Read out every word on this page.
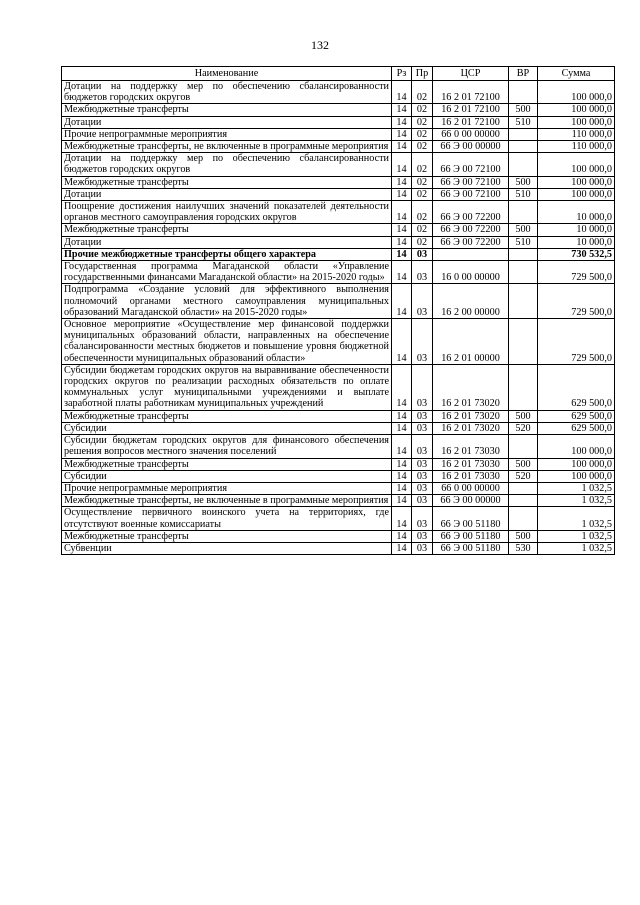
132
Наименование	Рз	Пр	ЦСР	ВР	Сумма
Дотации на поддержку мер по обеспечению сбалансированности бюджетов городских округов	14	02	16 2 01 72100		100 000,0
Межбюджетные трансферты	14	02	16 2 01 72100	500	100 000,0
Дотации	14	02	16 2 01 72100	510	100 000,0
Прочие непрограммные мероприятия	14	02	66 0 00 00000		110 000,0
Межбюджетные трансферты, не включенные в программные мероприятия	14	02	66 Э 00 00000		110 000,0
Дотации на поддержку мер по обеспечению сбалансированности бюджетов городских округов	14	02	66 Э 00 72100		100 000,0
Межбюджетные трансферты	14	02	66 Э 00 72100	500	100 000,0
Дотации	14	02	66 Э 00 72100	510	100 000,0
Поощрение достижения наилучших значений показателей деятельности органов местного самоуправления городских округов	14	02	66 Э 00 72200		10 000,0
Межбюджетные трансферты	14	02	66 Э 00 72200	500	10 000,0
Дотации	14	02	66 Э 00 72200	510	10 000,0
Прочие межбюджетные трансферты общего характера	14	03			730 532,5
Государственная программа Магаданской области «Управление государственными финансами Магаданской области» на 2015-2020 годы»	14	03	16 0 00 00000		729 500,0
Подпрограмма «Создание условий для эффективного выполнения полномочий органами местного самоуправления муниципальных образований Магаданской области» на 2015-2020 годы»	14	03	16 2 00 00000		729 500,0
Основное мероприятие «Осуществление мер финансовой поддержки муниципальных образований области, направленных на обеспечение сбалансированности местных бюджетов и повышение уровня бюджетной обеспеченности муниципальных образований области»	14	03	16 2 01 00000		729 500,0
Субсидии бюджетам городских округов на выравнивание обеспеченности городских округов по реализации расходных обязательств по оплате коммунальных услуг муниципальными учреждениями и выплате заработной платы работникам муниципальных учреждений	14	03	16 2 01 73020		629 500,0
Межбюджетные трансферты	14	03	16 2 01 73020	500	629 500,0
Субсидии	14	03	16 2 01 73020	520	629 500,0
Субсидии бюджетам городских округов для финансового обеспечения решения вопросов местного значения поселений	14	03	16 2 01 73030		100 000,0
Межбюджетные трансферты	14	03	16 2 01 73030	500	100 000,0
Субсидии	14	03	16 2 01 73030	520	100 000,0
Прочие непрограммные мероприятия	14	03	66 0 00 00000		1 032,5
Межбюджетные трансферты, не включенные в программные мероприятия	14	03	66 Э 00 00000		1 032,5
Осуществление первичного воинского учета на территориях, где отсутствуют военные комиссариаты	14	03	66 Э 00 51180		1 032,5
Межбюджетные трансферты	14	03	66 Э 00 51180	500	1 032,5
Субвенции	14	03	66 Э 00 51180	530	1 032,5
